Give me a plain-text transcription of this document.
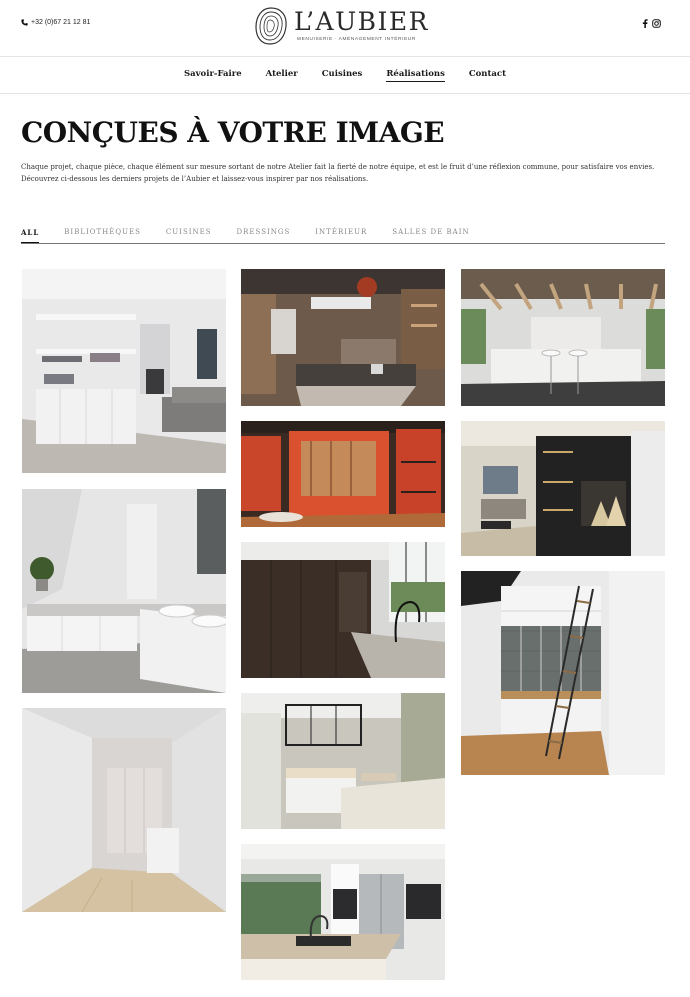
+32 (0)67 21 12 81	L’AUBIER
MENUISERIE · AMÉNAGEMENT INTÉRIEUR
Savoir-Faire	Atelier	Cuisines	Réalisations	Contact
CONÇUES À VOTRE IMAGE

Chaque projet, chaque pièce, chaque élément sur mesure sortant de notre Atelier fait la fierté de notre équipe, et est le fruit d’une réflexion commune, pour satisfaire vos envies.

Découvrez ci-dessous les derniers projets de l’Aubier et laissez-vous inspirer par nos réalisations.

ALL	BIBLIOTHÈQUES	CUISINES	DRESSINGS	INTÉRIEUR	SALLES DE BAIN
